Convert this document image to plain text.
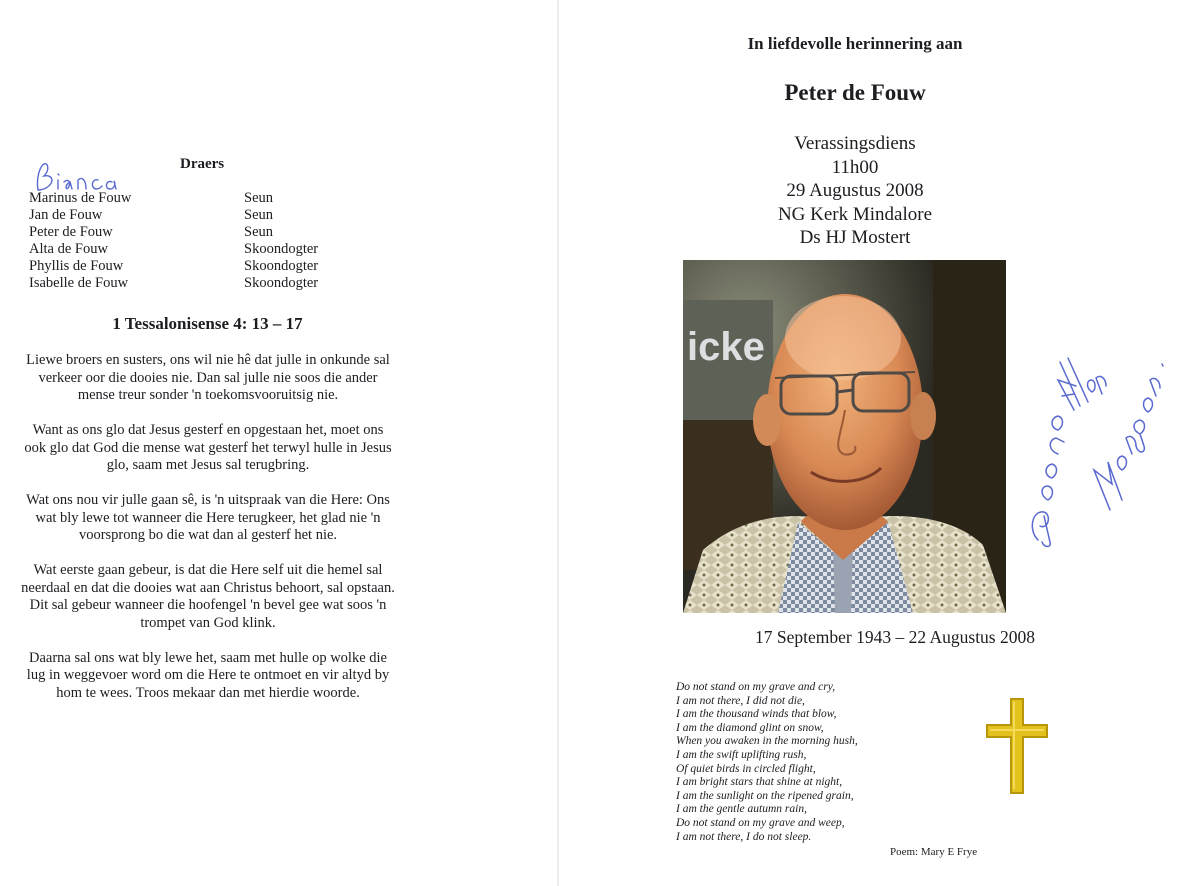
Draers
Marinus de Fouw	Seun
Jan de Fouw	Seun
Peter de Fouw	Seun
Alta de Fouw	Skoondogter
Phyllis de Fouw	Skoondogter
Isabelle de Fouw	Skoondogter
1 Tessalonisense 4: 13 – 17

Liewe broers en susters, ons wil nie hê dat julle in onkunde sal verkeer oor die dooies nie. Dan sal julle nie soos die ander mense treur sonder 'n toekomsvooruitsig nie.

Want as ons glo dat Jesus gesterf en opgestaan het, moet ons ook glo dat God die mense wat gesterf het terwyl hulle in Jesus glo, saam met Jesus sal terugbring.

Wat ons nou vir julle gaan sê, is 'n uitspraak van die Here: Ons wat bly lewe tot wanneer die Here terugkeer, het glad nie 'n voorsprong bo die wat dan al gesterf het nie.

Wat eerste gaan gebeur, is dat die Here self uit die hemel sal neerdaal en dat die dooies wat aan Christus behoort, sal opstaan. Dit sal gebeur wanneer die hoofengel 'n bevel gee wat soos 'n trompet van God klink.

Daarna sal ons wat bly lewe het, saam met hulle op wolke die lug in weggevoer word om die Here te ontmoet en vir altyd by hom te wees. Troos mekaar dan met hierdie woorde.

In liefdevolle herinnering aan
Peter de Fouw
Verassingsdiens
11h00
29 Augustus 2008
NG Kerk Mindalore
Ds HJ Mostert
icke
17 September 1943 – 22 Augustus 2008
Do not stand on my grave and cry,
I am not there, I did not die,
I am the thousand winds that blow,
I am the diamond glint on snow,
When you awaken in the morning hush,
I am the swift uplifting rush,
Of quiet birds in circled flight,
I am bright stars that shine at night,
I am the sunlight on the ripened grain,
I am the gentle autumn rain,
Do not stand on my grave and weep,
I am not there, I do not sleep.
Poem: Mary E Frye
